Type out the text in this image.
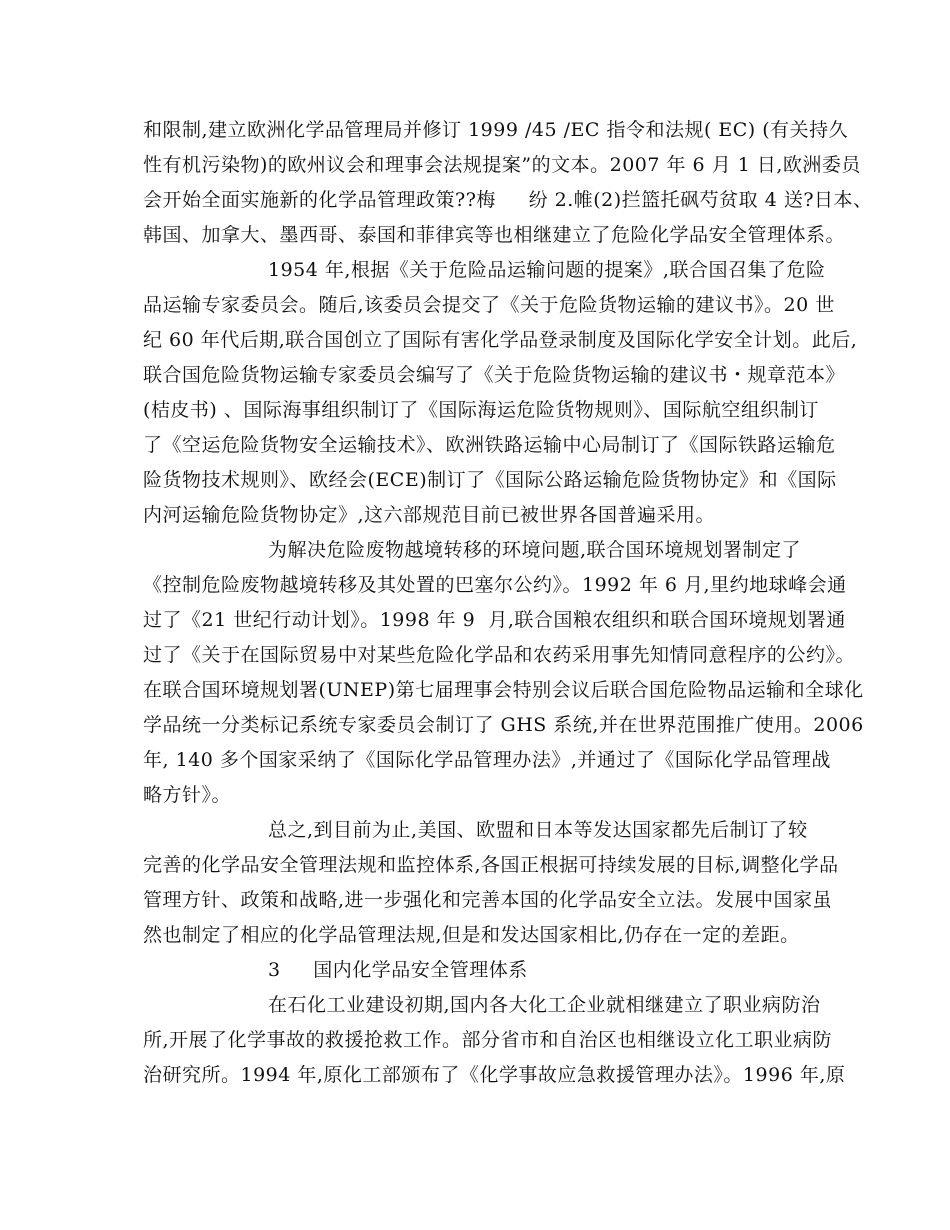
和限制,建立欧洲化学品管理局并修订 1999 /45 /EC 指令和法规( EC) (有关持久
性有机污染物)的欧州议会和理事会法规提案”的文本。2007 年 6 月 1 日,欧洲委员
会开始全面实施新的化学品管理政策??梅     纷 2.帷(2)拦篮托砜芍贫取 4 送?日本、
韩国、加拿大、墨西哥、泰国和菲律宾等也相继建立了危险化学品安全管理体系。
1954 年,根据《关于危险品运输问题的提案》,联合国召集了危险
品运输专家委员会。随后,该委员会提交了《关于危险货物运输的建议书》。20 世
纪 60 年代后期,联合国创立了国际有害化学品登录制度及国际化学安全计划。此后,
联合国危险货物运输专家委员会编写了《关于危险货物运输的建议书・规章范本》
(桔皮书) 、国际海事组织制订了《国际海运危险货物规则》、国际航空组织制订
了《空运危险货物安全运输技术》、欧洲铁路运输中心局制订了《国际铁路运输危
险货物技术规则》、欧经会(ECE)制订了《国际公路运输危险货物协定》和《国际
内河运输危险货物协定》,这六部规范目前已被世界各国普遍采用。
为解决危险废物越境转移的环境问题,联合国环境规划署制定了
《控制危险废物越境转移及其处置的巴塞尔公约》。1992 年 6 月,里约地球峰会通
过了《21 世纪行动计划》。1998 年 9  月,联合国粮农组织和联合国环境规划署通
过了《关于在国际贸易中对某些危险化学品和农药采用事先知情同意程序的公约》。
在联合国环境规划署(UNEP)第七届理事会特别会议后联合国危险物品运输和全球化
学品统一分类标记系统专家委员会制订了 GHS 系统,并在世界范围推广使用。2006
年, 140 多个国家采纳了《国际化学品管理办法》,并通过了《国际化学品管理战
略方针》。
总之,到目前为止,美国、欧盟和日本等发达国家都先后制订了较
完善的化学品安全管理法规和监控体系,各国正根据可持续发展的目标,调整化学品
管理方针、政策和战略,进一步强化和完善本国的化学品安全立法。发展中国家虽
然也制定了相应的化学品管理法规,但是和发达国家相比,仍存在一定的差距。
3     国内化学品安全管理体系
在石化工业建设初期,国内各大化工企业就相继建立了职业病防治
所,开展了化学事故的救援抢救工作。部分省市和自治区也相继设立化工职业病防
治研究所。1994 年,原化工部颁布了《化学事故应急救援管理办法》。1996 年,原
